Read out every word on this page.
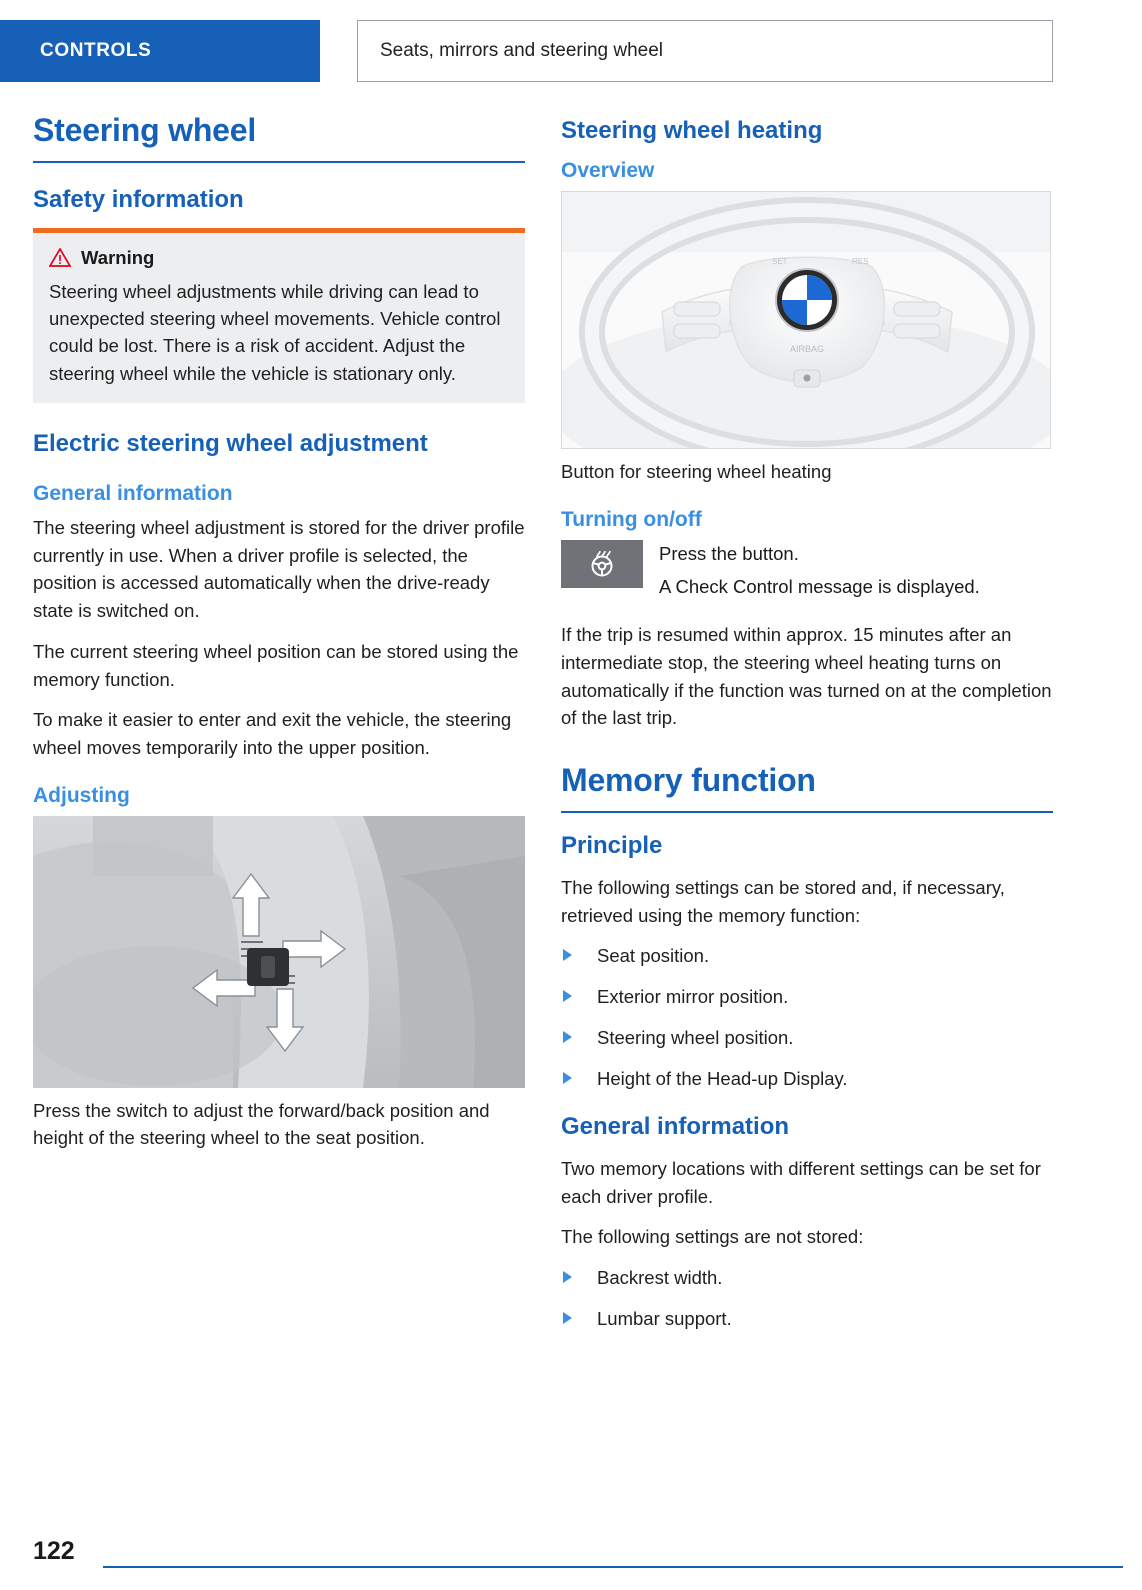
CONTROLS	Seats, mirrors and steering wheel
Steering wheel
Safety information
Warning

Steering wheel adjustments while driving can lead to unexpected steering wheel movements. Vehicle control could be lost. There is a risk of accident. Adjust the steering wheel while the vehicle is stationary only.

Electric steering wheel adjustment
General information

The steering wheel adjustment is stored for the driver profile currently in use. When a driver profile is selected, the position is accessed automatically when the drive-ready state is switched on.

The current steering wheel position can be stored using the memory function.

To make it easier to enter and exit the vehicle, the steering wheel moves temporarily into the upper position.

Adjusting

Press the switch to adjust the forward/back position and height of the steering wheel to the seat position.

Steering wheel heating
Overview
AIRBAG
SET	RES

Button for steering wheel heating

Turning on/off

Press the button.

A Check Control message is displayed.

If the trip is resumed within approx. 15 minutes after an intermediate stop, the steering wheel heating turns on automatically if the function was turned on at the completion of the last trip.

Memory function
Principle

The following settings can be stored and, if necessary, retrieved using the memory function:

Seat position.
Exterior mirror position.
Steering wheel position.
Height of the Head-up Display.
General information

Two memory locations with different settings can be set for each driver profile.

The following settings are not stored:

Backrest width.
Lumbar support.
122
